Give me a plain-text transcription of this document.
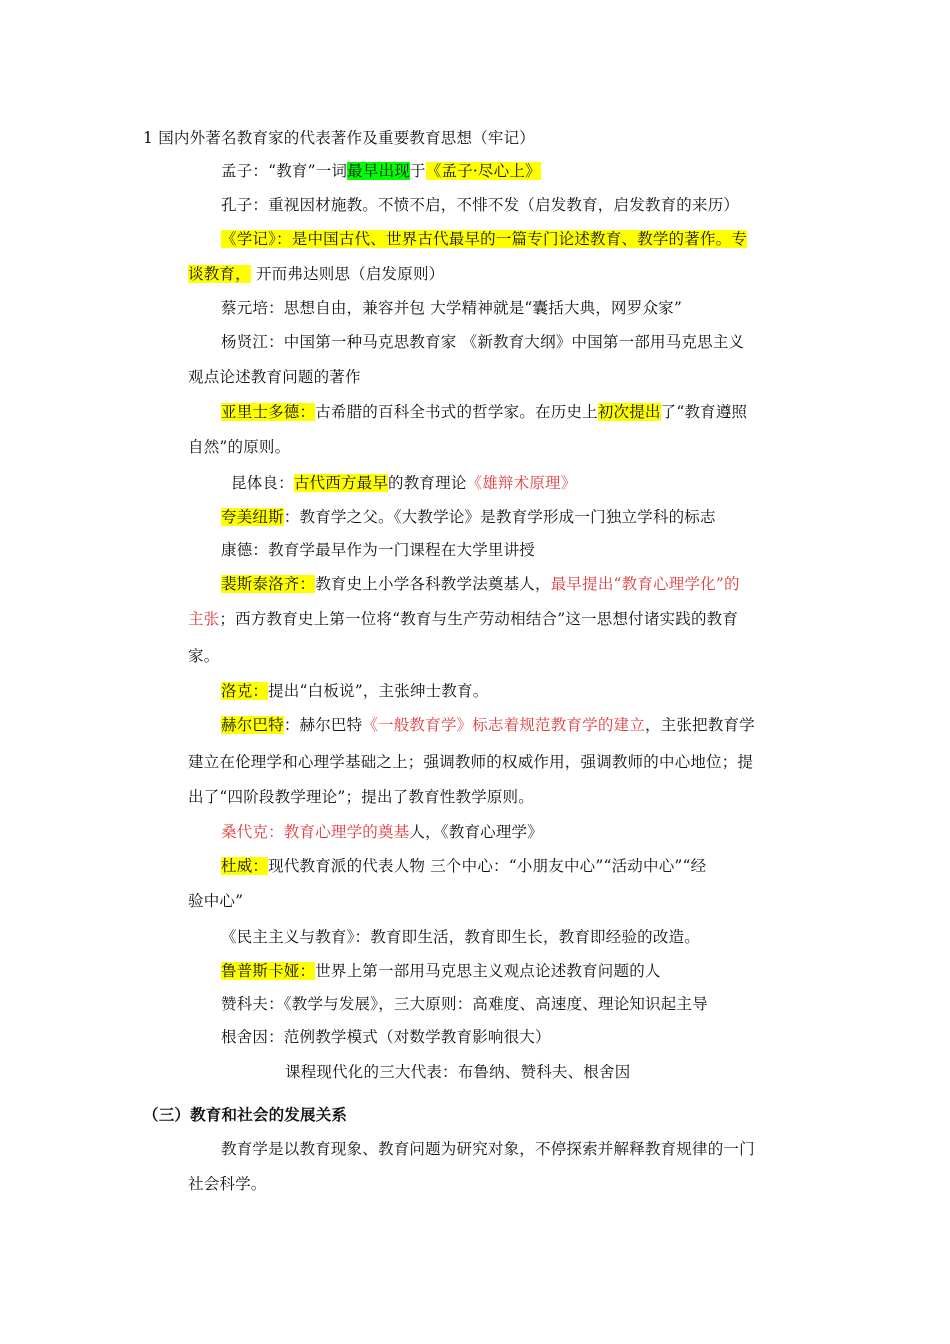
1 国内外著名教育家的代表著作及重要教育思想（牢记）
孟子：“教育”一词最早出现于《孟子·尽心上》
孔子：重视因材施教。不愤不启，不悱不发（启发教育，启发教育的来历）
《学记》：是中国古代、世界古代最早的一篇专门论述教育、教学的著作。专
谈教育， 开而弗达则思（启发原则）
蔡元培：思想自由，兼容并包 大学精神就是“囊括大典，网罗众家”
杨贤江：中国第一种马克思教育家 《新教育大纲》中国第一部用马克思主义
观点论述教育问题的著作
亚里士多德：古希腊的百科全书式的哲学家。在历史上初次提出了“教育遵照
自然”的原则。
昆体良：古代西方最早的教育理论《雄辩术原理》
夸美纽斯：教育学之父。《大教学论》是教育学形成一门独立学科的标志
康德：教育学最早作为一门课程在大学里讲授
裴斯泰洛齐：教育史上小学各科教学法奠基人，最早提出“教育心理学化”的
主张；西方教育史上第一位将“教育与生产劳动相结合”这一思想付诸实践的教育
家。
洛克：提出“白板说”，主张绅士教育。
赫尔巴特：赫尔巴特《一般教育学》标志着规范教育学的建立，主张把教育学
建立在伦理学和心理学基础之上；强调教师的权威作用，强调教师的中心地位；提
出了“四阶段教学理论”；提出了教育性教学原则。
桑代克：教育心理学的奠基人，《教育心理学》
杜威：现代教育派的代表人物 三个中心：“小朋友中心”“活动中心”“经
验中心”
《民主主义与教育》：教育即生活，教育即生长，教育即经验的改造。
鲁普斯卡娅：世界上第一部用马克思主义观点论述教育问题的人
赞科夫：《教学与发展》，三大原则：高难度、高速度、理论知识起主导
根舍因：范例教学模式（对数学教育影响很大）
课程现代化的三大代表：布鲁纳、赞科夫、根舍因
（三）教育和社会的发展关系
教育学是以教育现象、教育问题为研究对象，不停探索并解释教育规律的一门
社会科学。
